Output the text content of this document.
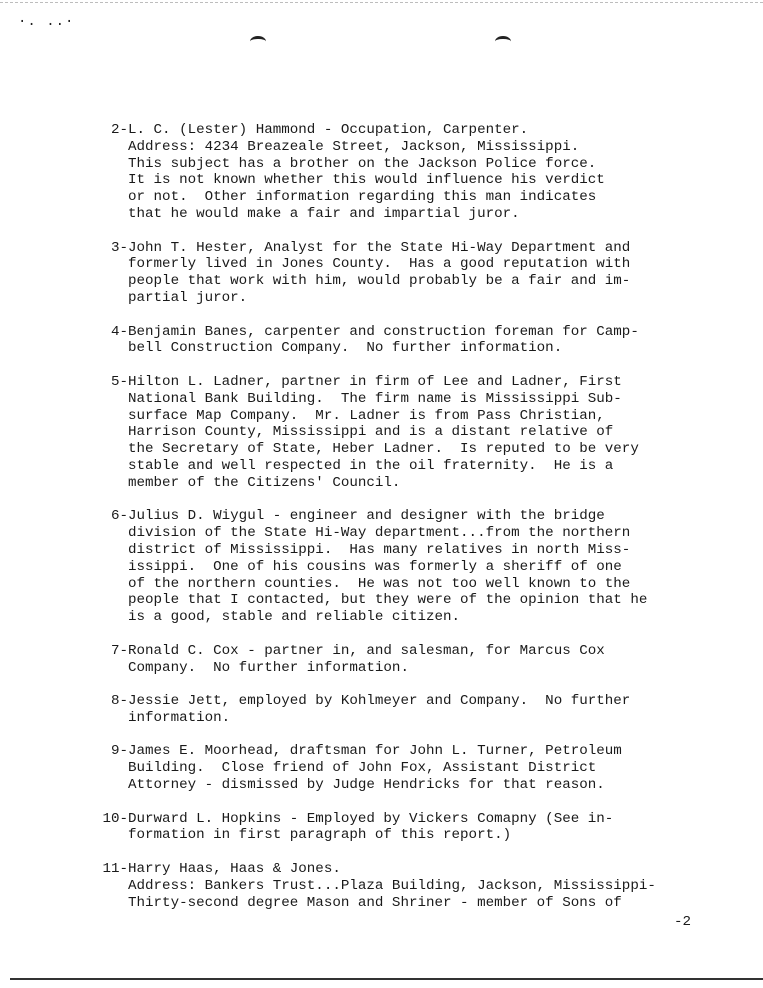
·. ..·
2- L. C. (Lester) Hammond - Occupation, Carpenter.
Address: 4234 Breazeale Street, Jackson, Mississippi.
This subject has a brother on the Jackson Police force.
It is not known whether this would influence his verdict
or not.  Other information regarding this man indicates
that he would make a fair and impartial juror.
3- John T. Hester, Analyst for the State Hi-Way Department and
formerly lived in Jones County.  Has a good reputation with
people that work with him, would probably be a fair and im-
partial juror.
4- Benjamin Banes, carpenter and construction foreman for Camp-
bell Construction Company.  No further information.
5- Hilton L. Ladner, partner in firm of Lee and Ladner, First
National Bank Building.  The firm name is Mississippi Sub-
surface Map Company.  Mr. Ladner is from Pass Christian,
Harrison County, Mississippi and is a distant relative of
the Secretary of State, Heber Ladner.  Is reputed to be very
stable and well respected in the oil fraternity.  He is a
member of the Citizens' Council.
6- Julius D. Wiygul - engineer and designer with the bridge
division of the State Hi-Way department...from the northern
district of Mississippi.  Has many relatives in north Miss-
issippi.  One of his cousins was formerly a sheriff of one
of the northern counties.  He was not too well known to the
people that I contacted, but they were of the opinion that he
is a good, stable and reliable citizen.
7- Ronald C. Cox - partner in, and salesman, for Marcus Cox
Company.  No further information.
8- Jessie Jett, employed by Kohlmeyer and Company.  No further
information.
9- James E. Moorhead, draftsman for John L. Turner, Petroleum
Building.  Close friend of John Fox, Assistant District
Attorney - dismissed by Judge Hendricks for that reason.
10- Durward L. Hopkins - Employed by Vickers Comapny (See in-
formation in first paragraph of this report.)
11- Harry Haas, Haas & Jones.
Address: Bankers Trust...Plaza Building, Jackson, Mississippi-
Thirty-second degree Mason and Shriner - member of Sons of
-2
